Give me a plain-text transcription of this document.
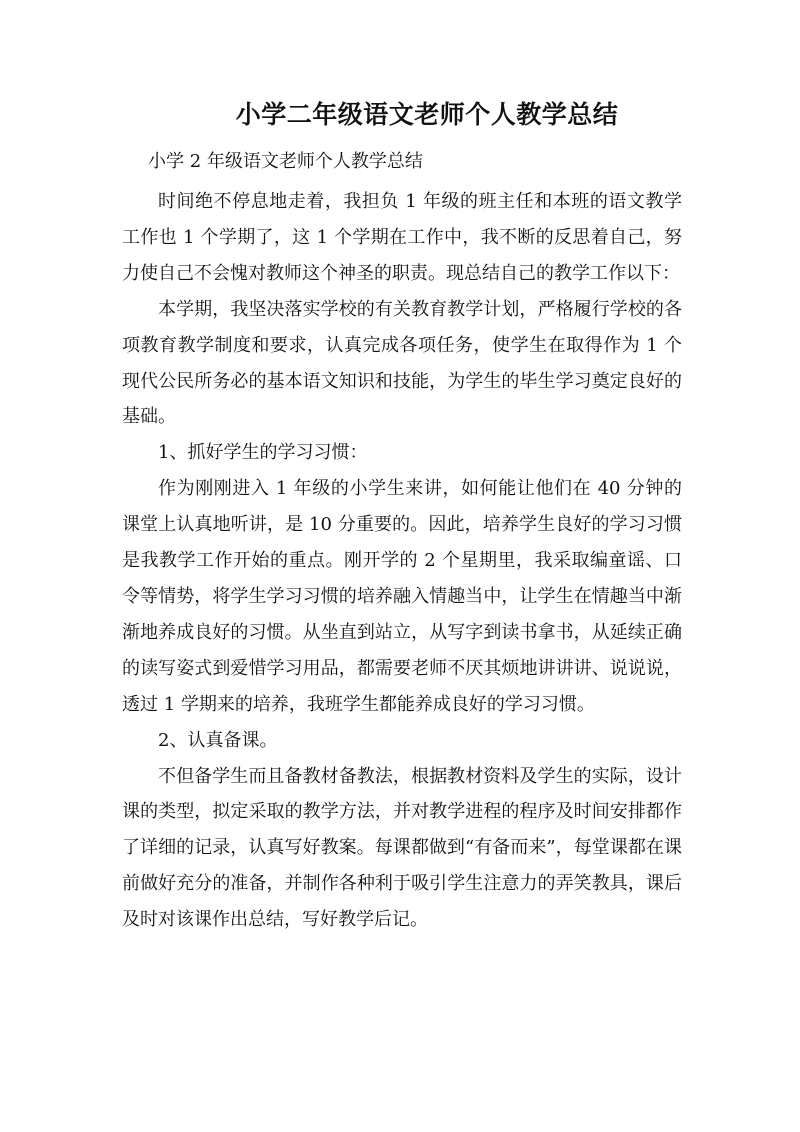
小学二年级语文老师个人教学总结

小学 2 年级语文老师个人教学总结

时间绝不停息地走着，我担负 1 年级的班主任和本班的语文教学工作也 1 个学期了，这 1 个学期在工作中，我不断的反思着自己，努力使自己不会愧对教师这个神圣的职责。现总结自己的教学工作以下：

本学期，我坚决落实学校的有关教育教学计划，严格履行学校的各项教育教学制度和要求，认真完成各项任务，使学生在取得作为 1 个现代公民所务必的基本语文知识和技能，为学生的毕生学习奠定良好的基础。

1、抓好学生的学习习惯：

作为刚刚进入 1 年级的小学生来讲，如何能让他们在 40 分钟的课堂上认真地听讲，是 10 分重要的。因此，培养学生良好的学习习惯是我教学工作开始的重点。刚开学的 2 个星期里，我采取编童谣、口令等情势，将学生学习习惯的培养融入情趣当中，让学生在情趣当中渐渐地养成良好的习惯。从坐直到站立，从写字到读书拿书，从延续正确的读写姿式到爱惜学习用品，都需要老师不厌其烦地讲讲讲、说说说，透过 1 学期来的培养，我班学生都能养成良好的学习习惯。

2、认真备课。

不但备学生而且备教材备教法，根据教材资料及学生的实际，设计课的类型，拟定采取的教学方法，并对教学进程的程序及时间安排都作了详细的记录，认真写好教案。每课都做到“有备而来”，每堂课都在课前做好充分的准备，并制作各种利于吸引学生注意力的弄笑教具，课后及时对该课作出总结，写好教学后记。
